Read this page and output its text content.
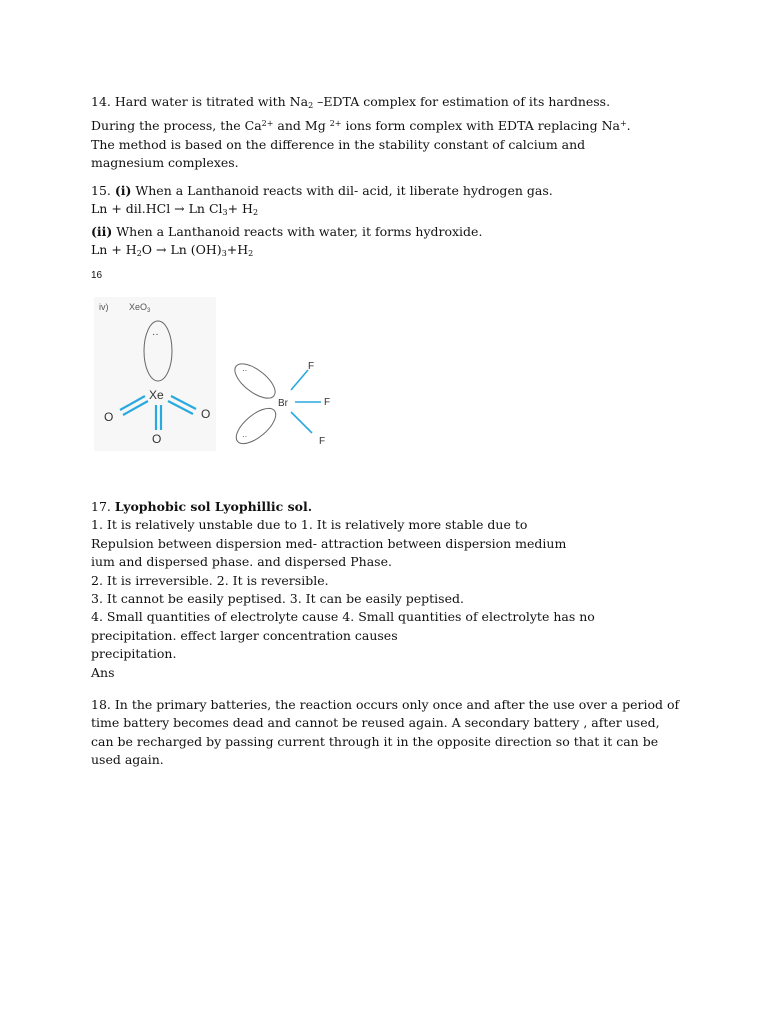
14. Hard water is titrated with $Na_2$ –EDTA complex for estimation of its hardness.
During the process, the $Ca^{2+}$ and Mg $^{2+}$ ions form complex with EDTA replacing Na+.
The method is based on the difference in the stability constant of calcium and
magnesium complexes.
15. (i) When a Lanthanoid reacts with dil- acid, it liberate hydrogen gas.
Ln + dil.HCl → Ln $Cl_3+ H_2$
(ii) When a Lanthanoid reacts with water, it forms hydroxide.
$Ln + H_2O \to Ln$ $(OH)_3+H_2$
16
iv) XeO$_3$
··
Xe
O	O
O
··
··
Br
F
F
F
17. Lyophobic sol Lyophillic sol.
1. It is relatively unstable due to 1. It is relatively more stable due to
Repulsion between dispersion med- attraction between dispersion medium
ium and dispersed phase. and dispersed Phase.
2. It is irreversible. 2. It is reversible.
3. It cannot be easily peptised. 3. It can be easily peptised.
4. Small quantities of electrolyte cause 4. Small quantities of electrolyte has no
precipitation. effect larger concentration causes
precipitation.
Ans
18. In the primary batteries, the reaction occurs only once and after the use over a period of
time battery becomes dead and cannot be reused again. A secondary battery , after used,
can be recharged by passing current through it in the opposite direction so that it can be
used again.
